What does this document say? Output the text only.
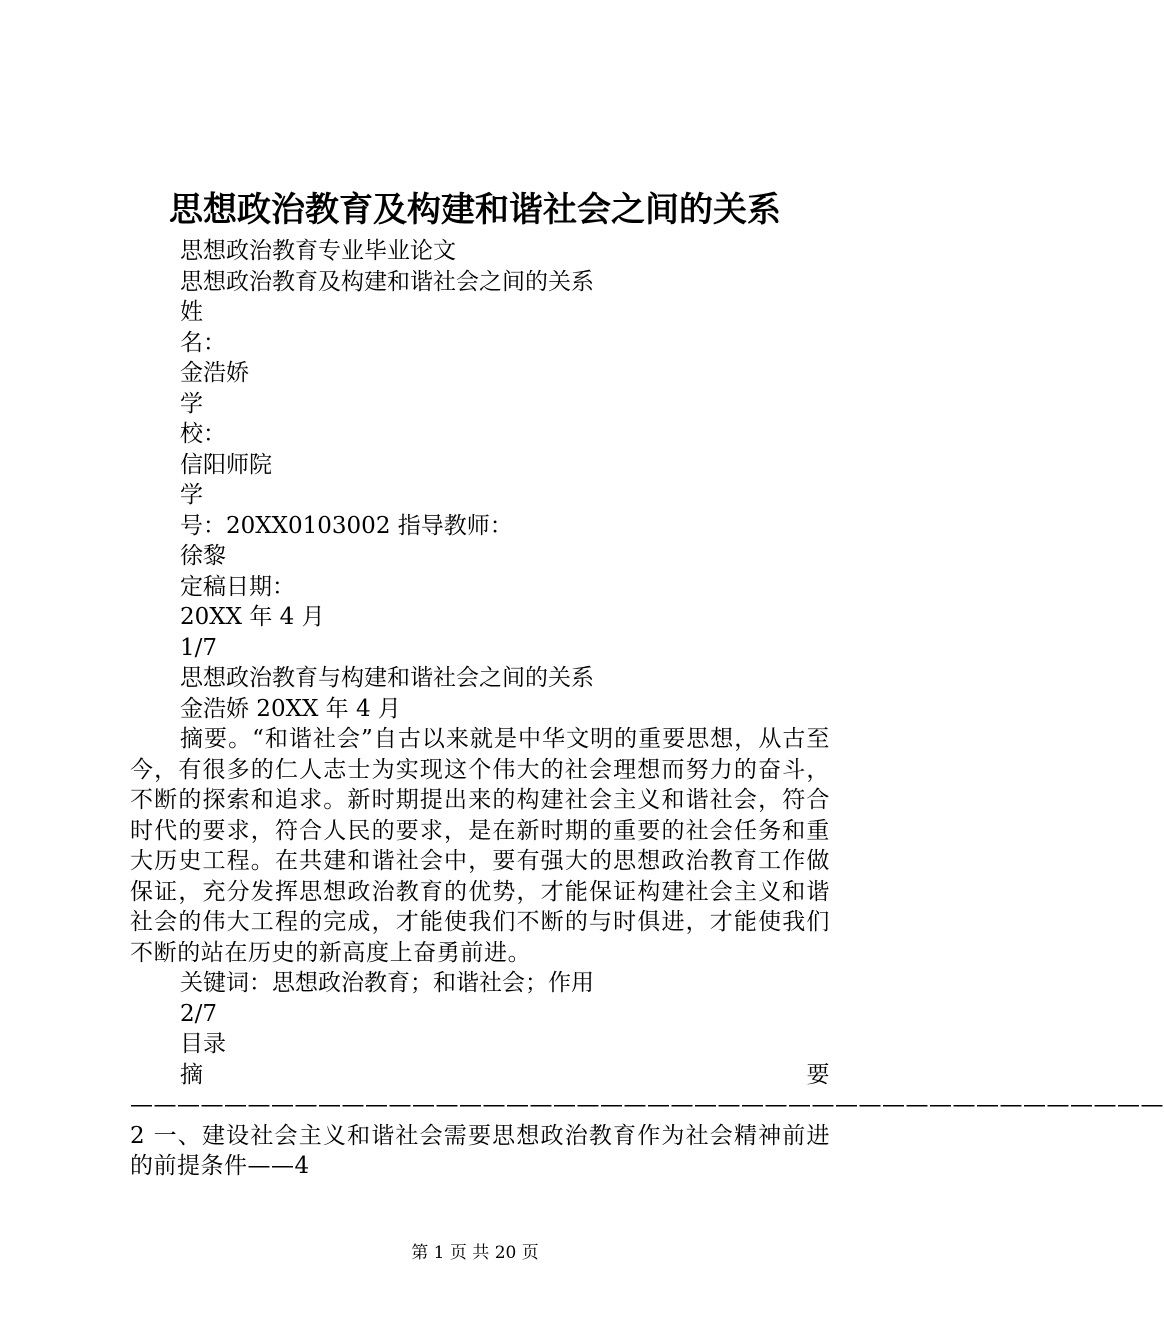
思想政治教育及构建和谐社会之间的关系
思想政治教育专业毕业论文
思想政治教育及构建和谐社会之间的关系
姓
名：
金浩娇
学
校：
信阳师院
学
号：20XX0103002 指导教师：
徐黎
定稿日期：
20XX 年 4 月
1/7
思想政治教育与构建和谐社会之间的关系
金浩娇 20XX 年 4 月
摘要。“和谐社会”自古以来就是中华文明的重要思想，从古至今，有很多的仁人志士为实现这个伟大的社会理想而努力的奋斗，不断的探索和追求。新时期提出来的构建社会主义和谐社会，符合时代的要求，符合人民的要求，是在新时期的重要的社会任务和重大历史工程。在共建和谐社会中，要有强大的思想政治教育工作做保证，充分发挥思想政治教育的优势，才能保证构建社会主义和谐社会的伟大工程的完成，才能使我们不断的与时俱进，才能使我们不断的站在历史的新高度上奋勇前进。
关键词：思想政治教育；和谐社会；作用
2/7
目录
摘要————————————————————————————————————————————2 一、建设社会主义和谐社会需要思想政治教育作为社会精神前进的前提条件——4
第 1 页 共 20 页
